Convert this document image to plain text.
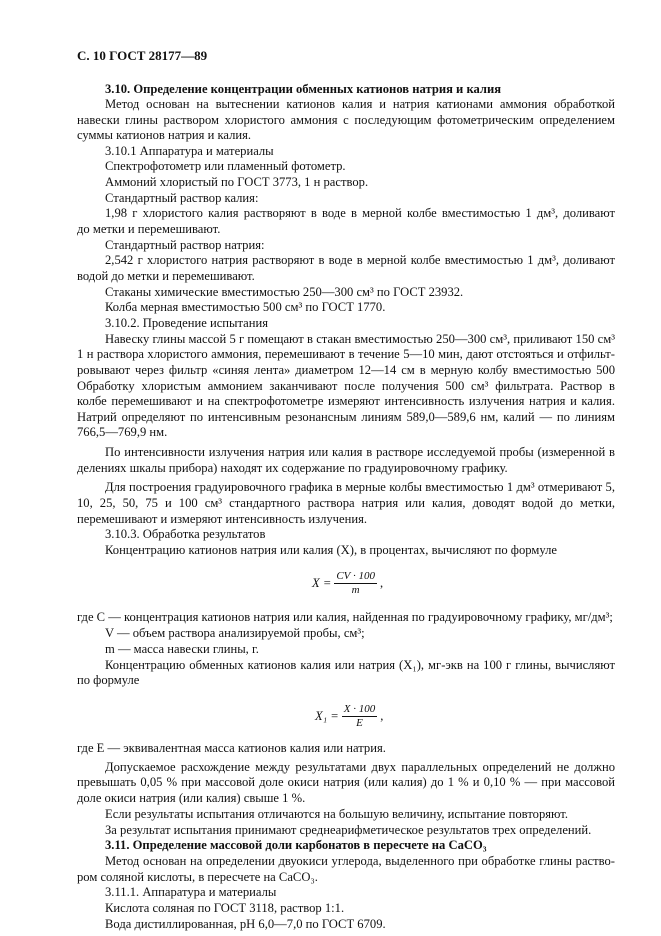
С. 10 ГОСТ 28177—89
3.10. Определение концентрации обменных катионов натрия и калия
Метод основан на вытеснении катионов калия и натрия катионами аммония обработкой
навески глины раствором хлористого аммония с последующим фотометрическим определением
суммы катионов натрия и калия.
3.10.1 Аппаратура и материалы
Спектрофотометр или пламенный фотометр.
Аммоний хлористый по ГОСТ 3773, 1 н раствор.
Стандартный раствор калия:
1,98 г хлористого калия растворяют в воде в мерной колбе вместимостью 1 дм³, доливают
до метки и перемешивают.
Стандартный раствор натрия:
2,542 г хлористого натрия растворяют в воде в мерной колбе вместимостью 1 дм³, доливают
водой до метки и перемешивают.
Стаканы химические вместимостью 250—300 см³ по ГОСТ 23932.
Колба мерная вместимостью 500 см³ по ГОСТ 1770.
3.10.2. Проведение испытания
Навеску глины массой 5 г помещают в стакан вместимостью 250—300 см³, приливают 150 см³
1 н раствора хлористого аммония, перемешивают в течение 5—10 мин, дают отстояться и отфильт-
ровывают через фильтр «синяя лента» диаметром 12—14 см в мерную колбу вместимостью 500
Обработку хлористым аммонием заканчивают после получения 500 см³ фильтрата. Раствор в
колбе перемешивают и на спектрофотометре измеряют интенсивность излучения натрия и калия.
Натрий определяют по интенсивным резонансным линиям 589,0—589,6 нм, калий — по линиям
766,5—769,9 нм.
По интенсивности излучения натрия или калия в растворе исследуемой пробы (измеренной в
делениях шкалы прибора) находят их содержание по градуировочному графику.
Для построения градуировочного графика в мерные колбы вместимостью 1 дм³ отмеривают 5,
10, 25, 50, 75 и 100 см³ стандартного раствора натрия или калия, доводят водой до метки,
перемешивают и измеряют интенсивность излучения.
3.10.3. Обработка результатов
Концентрацию катионов натрия или калия (X), в процентах, вычисляют по формуле
где C — концентрация катионов натрия или калия, найденная по градуировочному графику, мг/дм³;
V — объем раствора анализируемой пробы, см³;
m — масса навески глины, г.
Концентрацию обменных катионов калия или натрия (X₁), мг-экв на 100 г глины, вычисляют
по формуле
где E — эквивалентная масса катионов калия или натрия.
Допускаемое расхождение между результатами двух параллельных определений не должно
превышать 0,05 % при массовой доле окиси натрия (или калия) до 1 % и 0,10 % — при массовой
доле окиси натрия (или калия) свыше 1 %.
Если результаты испытания отличаются на большую величину, испытание повторяют.
За результат испытания принимают среднеарифметическое результатов трех определений.
3.11. Определение массовой доли карбонатов в пересчете на CaCO₃
Метод основан на определении двуокиси углерода, выделенного при обработке глины раство-
ром соляной кислоты, в пересчете на CaCO₃.
3.11.1. Аппаратура и материалы
Кислота соляная по ГОСТ 3118, раствор 1:1.
Вода дистиллированная, pH 6,0—7,0 по ГОСТ 6709.
$X = \frac{CV \cdot 100}{m}$ ,
$X_1 = \frac{X \cdot 100}{E}$ ,
